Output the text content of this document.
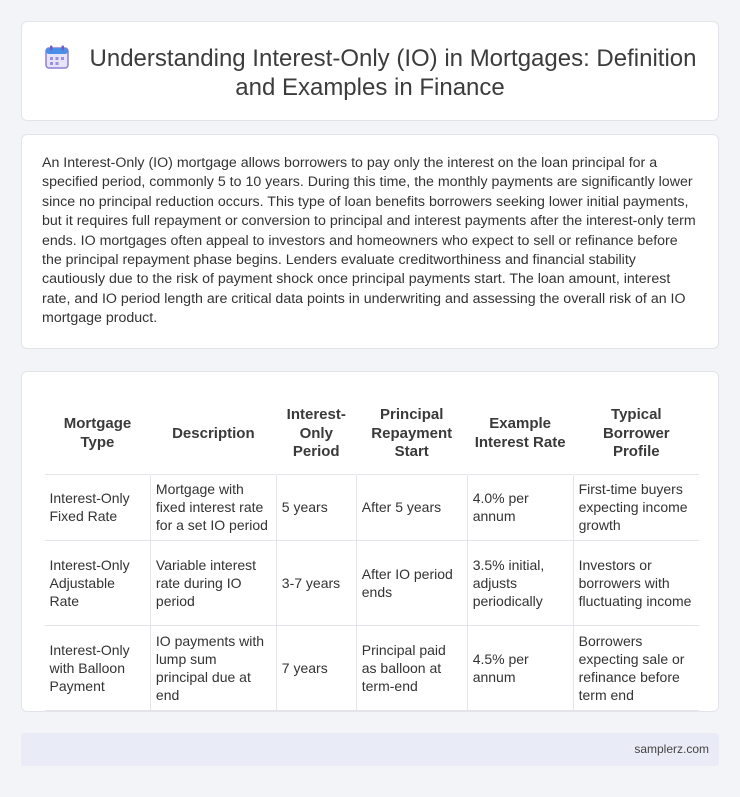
Understanding Interest-Only (IO) in Mortgages: Definition and Examples in Finance

An Interest-Only (IO) mortgage allows borrowers to pay only the interest on the loan principal for a specified period, commonly 5 to 10 years. During this time, the monthly payments are significantly lower since no principal reduction occurs. This type of loan benefits borrowers seeking lower initial payments, but it requires full repayment or conversion to principal and interest payments after the interest-only term ends. IO mortgages often appeal to investors and homeowners who expect to sell or refinance before the principal repayment phase begins. Lenders evaluate creditworthiness and financial stability cautiously due to the risk of payment shock once principal payments start. The loan amount, interest rate, and IO period length are critical data points in underwriting and assessing the overall risk of an IO mortgage product.

Mortgage Type	Description	Interest-Only Period	Principal Repayment Start	Example Interest Rate	Typical Borrower Profile
Interest-Only Fixed Rate	Mortgage with fixed interest rate for a set IO period	5 years	After 5 years	4.0% per annum	First-time buyers expecting income growth
Interest-Only Adjustable Rate	Variable interest rate during IO period	3-7 years	After IO period ends	3.5% initial, adjusts periodically	Investors or borrowers with fluctuating income
Interest-Only with Balloon Payment	IO payments with lump sum principal due at end	7 years	Principal paid as balloon at term-end	4.5% per annum	Borrowers expecting sale or refinance before term end
samplerz.com
